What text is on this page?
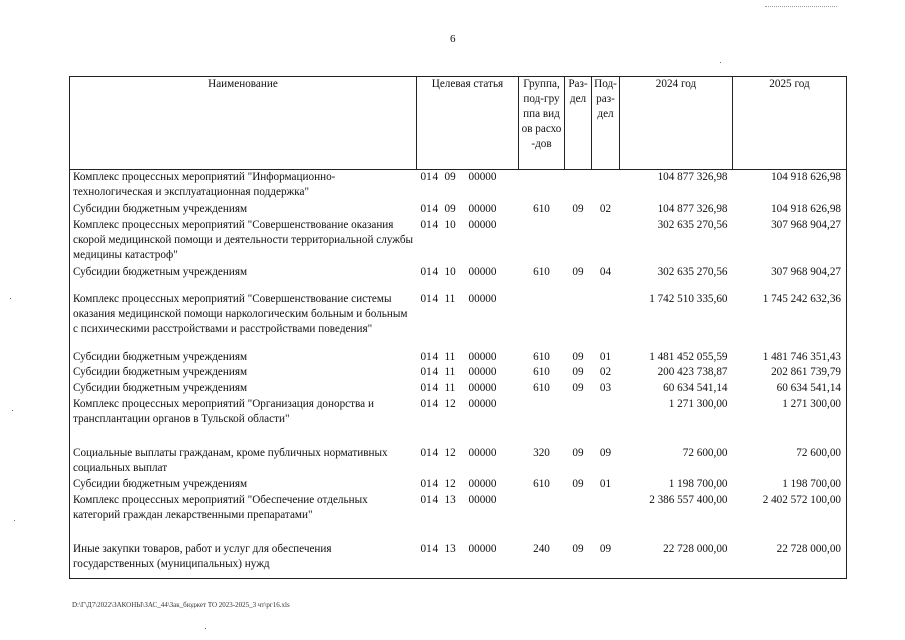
6
Наименование	Целевая статья	Группа, под-группа видов расхо-дов	Раз-дел	Под-раз-дел	2024 год	2025 год
Комплекс процессных мероприятий "Информационно-технологическая и эксплуатационная поддержка"	014 09 00000				104 877 326,98	104 918 626,98
Субсидии бюджетным учреждениям	014 09 00000	610	09	02	104 877 326,98	104 918 626,98
Комплекс процессных мероприятий "Совершенствование оказания скорой медицинской помощи и деятельности территориальной службы медицины катастроф"	014 10 00000				302 635 270,56	307 968 904,27
Субсидии бюджетным учреждениям	014 10 00000	610	09	04	302 635 270,56	307 968 904,27
Комплекс процессных мероприятий "Совершенствование системы оказания медицинской помощи наркологическим больным и больным с психическими расстройствами и расстройствами поведения"	014 11 00000				1 742 510 335,60	1 745 242 632,36
Субсидии бюджетным учреждениям	014 11 00000	610	09	01	1 481 452 055,59	1 481 746 351,43
Субсидии бюджетным учреждениям	014 11 00000	610	09	02	200 423 738,87	202 861 739,79
Субсидии бюджетным учреждениям	014 11 00000	610	09	03	60 634 541,14	60 634 541,14
Комплекс процессных мероприятий "Организация донорства и трансплантации органов в Тульской области"	014 12 00000				1 271 300,00	1 271 300,00
Социальные выплаты гражданам, кроме публичных нормативных социальных выплат	014 12 00000	320	09	09	72 600,00	72 600,00
Субсидии бюджетным учреждениям	014 12 00000	610	09	01	1 198 700,00	1 198 700,00
Комплекс процессных мероприятий "Обеспечение отдельных категорий граждан лекарственными препаратами"	014 13 00000				2 386 557 400,00	2 402 572 100,00
Иные закупки товаров, работ и услуг для обеспечения государственных (муниципальных) нужд	014 13 00000	240	09	09	22 728 000,00	22 728 000,00
D:\Г\Д7\2022\ЗАКОНЫ\ЗАС_44\Зак_бюджет ТО 2023-2025_3 чт\рг16.xls
